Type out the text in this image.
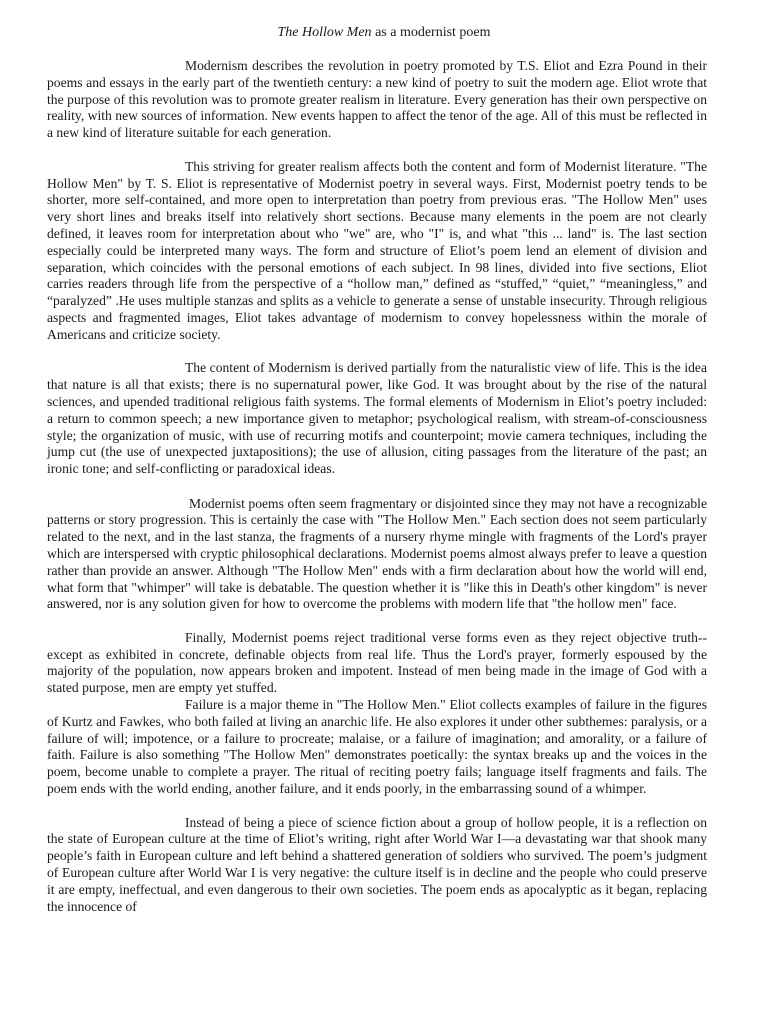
The Hollow Men as a modernist poem

Modernism describes the revolution in poetry promoted by T.S. Eliot and Ezra Pound in their poems and essays in the early part of the twentieth century: a new kind of poetry to suit the modern age. Eliot wrote that the purpose of this revolution was to promote greater realism in literature. Every generation has their own perspective on reality, with new sources of information. New events happen to affect the tenor of the age. All of this must be reflected in a new kind of literature suitable for each generation.

This striving for greater realism affects both the content and form of Modernist literature. "The Hollow Men" by T. S. Eliot is representative of Modernist poetry in several ways. First, Modernist poetry tends to be shorter, more self-contained, and more open to interpretation than poetry from previous eras. "The Hollow Men" uses very short lines and breaks itself into relatively short sections. Because many elements in the poem are not clearly defined, it leaves room for interpretation about who "we" are, who "I" is, and what "this ... land" is. The last section especially could be interpreted many ways. The form and structure of Eliot’s poem lend an element of division and separation, which coincides with the personal emotions of each subject. In 98 lines, divided into five sections, Eliot carries readers through life from the perspective of a “hollow man,” defined as “stuffed,” “quiet,” “meaningless,” and “paralyzed” .He uses multiple stanzas and splits as a vehicle to generate a sense of unstable insecurity. Through religious aspects and fragmented images, Eliot takes advantage of modernism to convey hopelessness within the morale of Americans and criticize society.

The content of Modernism is derived partially from the naturalistic view of life. This is the idea that nature is all that exists; there is no supernatural power, like God. It was brought about by the rise of the natural sciences, and upended traditional religious faith systems. The formal elements of Modernism in Eliot’s poetry included: a return to common speech; a new importance given to metaphor; psychological realism, with stream-of-consciousness style; the organization of music, with use of recurring motifs and counterpoint; movie camera techniques, including the jump cut (the use of unexpected juxtapositions); the use of allusion, citing passages from the literature of the past; an ironic tone; and self-conflicting or paradoxical ideas.

Modernist poems often seem fragmentary or disjointed since they may not have a recognizable patterns or story progression. This is certainly the case with "The Hollow Men." Each section does not seem particularly related to the next, and in the last stanza, the fragments of a nursery rhyme mingle with fragments of the Lord's prayer which are interspersed with cryptic philosophical declarations. Modernist poems almost always prefer to leave a question rather than provide an answer. Although "The Hollow Men" ends with a firm declaration about how the world will end, what form that "whimper" will take is debatable. The question whether it is "like this in Death's other kingdom" is never answered, nor is any solution given for how to overcome the problems with modern life that "the hollow men" face.

Finally, Modernist poems reject traditional verse forms even as they reject objective truth--except as exhibited in concrete, definable objects from real life. Thus the Lord's prayer, formerly espoused by the majority of the population, now appears broken and impotent. Instead of men being made in the image of God with a stated purpose, men are empty yet stuffed.

Failure is a major theme in "The Hollow Men." Eliot collects examples of failure in the figures of Kurtz and Fawkes, who both failed at living an anarchic life. He also explores it under other subthemes: paralysis, or a failure of will; impotence, or a failure to procreate; malaise, or a failure of imagination; and amorality, or a failure of faith. Failure is also something "The Hollow Men" demonstrates poetically: the syntax breaks up and the voices in the poem, become unable to complete a prayer. The ritual of reciting poetry fails; language itself fragments and fails. The poem ends with the world ending, another failure, and it ends poorly, in the embarrassing sound of a whimper.

Instead of being a piece of science fiction about a group of hollow people, it is a reflection on the state of European culture at the time of Eliot’s writing, right after World War I—a devastating war that shook many people’s faith in European culture and left behind a shattered generation of soldiers who survived. The poem’s judgment of European culture after World War I is very negative: the culture itself is in decline and the people who could preserve it are empty, ineffectual, and even dangerous to their own societies. The poem ends as apocalyptic as it began, replacing the innocence of
